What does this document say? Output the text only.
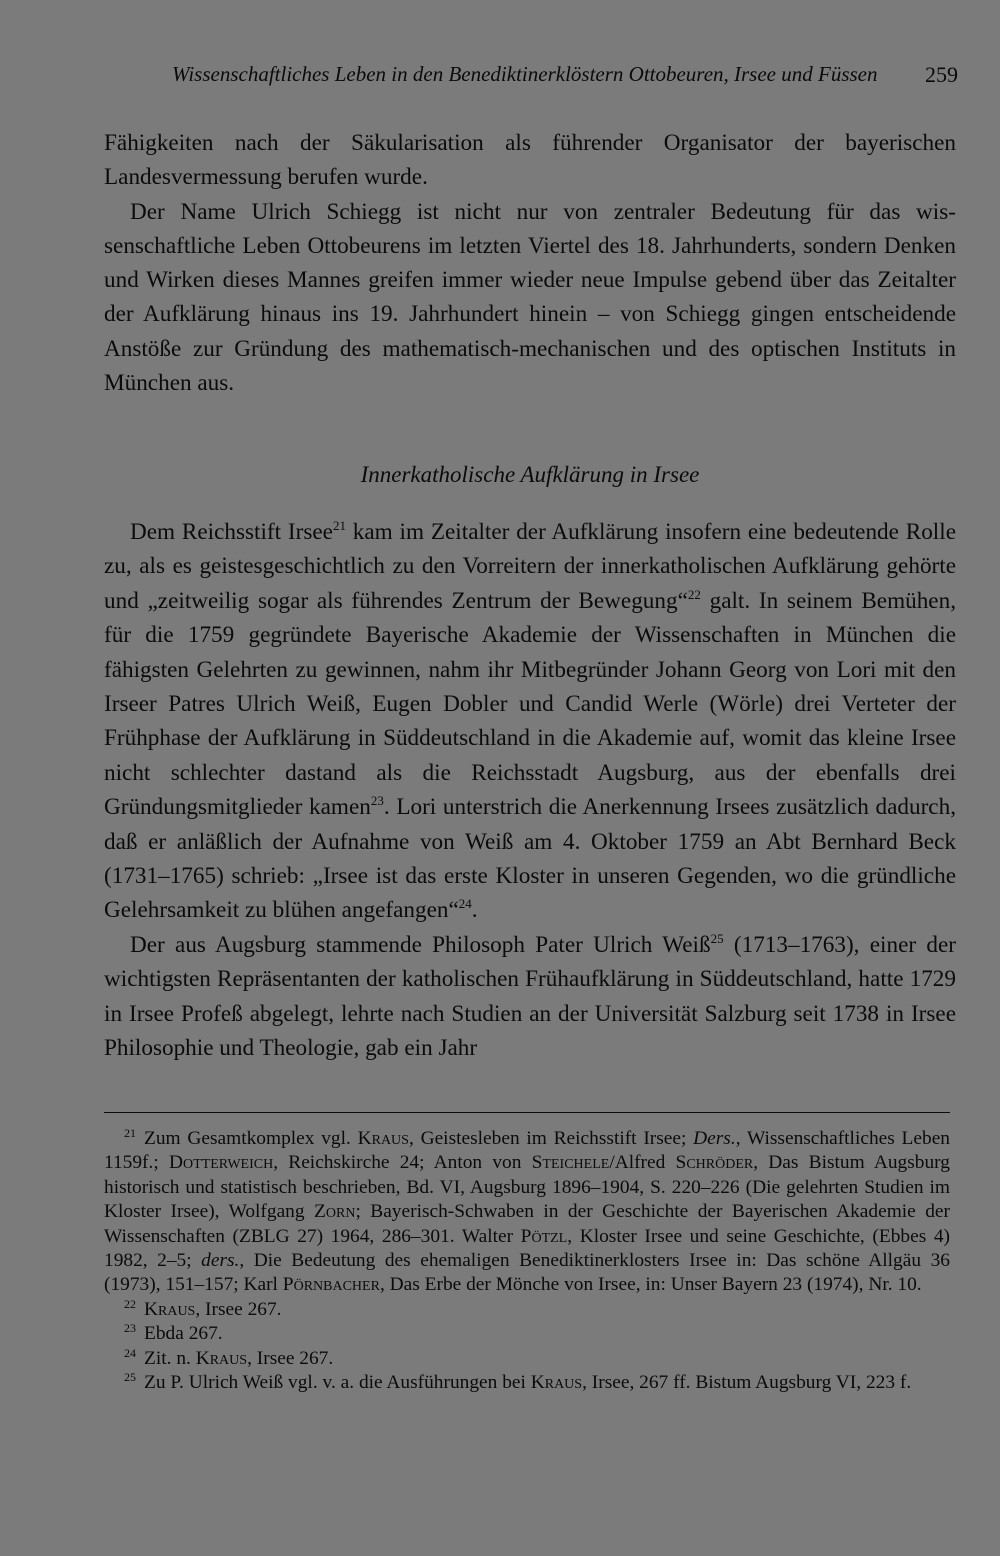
Wissenschaftliches Leben in den Benediktinerklöstern Ottobeuren, Irsee und Füssen 259

Fähigkeiten nach der Säkularisation als führender Organisator der bayerischen Landesvermessung berufen wurde.

Der Name Ulrich Schiegg ist nicht nur von zentraler Bedeutung für das wissenschaftliche Leben Ottobeurens im letzten Viertel des 18. Jahrhunderts, sondern Denken und Wirken dieses Mannes greifen immer wieder neue Impulse gebend über das Zeitalter der Aufklärung hinaus ins 19. Jahrhundert hinein – von Schiegg gingen entscheidende Anstöße zur Gründung des mathematisch-mechanischen und des optischen Instituts in München aus.

Innerkatholische Aufklärung in Irsee

Dem Reichsstift Irsee$^{21}$ kam im Zeitalter der Aufklärung insofern eine bedeutende Rolle zu, als es geistesgeschichtlich zu den Vorreitern der innerkatholischen Aufklärung gehörte und „zeitweilig sogar als führendes Zentrum der Bewegung“$^{22}$ galt. In seinem Bemühen, für die 1759 gegründete Bayerische Akademie der Wissenschaften in München die fähigsten Gelehrten zu gewinnen, nahm ihr Mitbegründer Johann Georg von Lori mit den Irseer Patres Ulrich Weiß, Eugen Dobler und Candid Werle (Wörle) drei Verteter der Frühphase der Aufklärung in Süddeutschland in die Akademie auf, womit das kleine Irsee nicht schlechter dastand als die Reichsstadt Augsburg, aus der ebenfalls drei Gründungsmitglieder kamen$^{23}$. Lori unterstrich die Anerkennung Irsees zusätzlich dadurch, daß er anläßlich der Aufnahme von Weiß am 4. Oktober 1759 an Abt Bernhard Beck (1731–1765) schrieb: „Irsee ist das erste Kloster in unseren Gegenden, wo die gründliche Gelehrsamkeit zu blühen angefangen“$^{24}$.

Der aus Augsburg stammende Philosoph Pater Ulrich Weiß$^{25}$ (1713–1763), einer der wichtigsten Repräsentanten der katholischen Frühaufklärung in Süddeutschland, hatte 1729 in Irsee Profeß abgelegt, lehrte nach Studien an der Universität Salzburg seit 1738 in Irsee Philosophie und Theologie, gab ein Jahr

$^{21}$ Zum Gesamtkomplex vgl. Kraus, Geistesleben im Reichsstift Irsee; Ders., Wissenschaftliches Leben 1159f.; Dotterweich, Reichskirche 24; Anton von Steichele/Alfred Schröder, Das Bistum Augsburg historisch und statistisch beschrieben, Bd. VI, Augsburg 1896–1904, S. 220–226 (Die gelehrten Studien im Kloster Irsee), Wolfgang Zorn; Bayerisch-Schwaben in der Geschichte der Bayerischen Akademie der Wissenschaften (ZBLG 27) 1964, 286–301. Walter Pötzl, Kloster Irsee und seine Geschichte, (Ebbes 4) 1982, 2–5; ders., Die Bedeutung des ehemaligen Benediktinerklosters Irsee in: Das schöne Allgäu 36 (1973), 151–157; Karl Pörnbacher, Das Erbe der Mönche von Irsee, in: Unser Bayern 23 (1974), Nr. 10.

$^{22}$ Kraus, Irsee 267.

$^{23}$ Ebda 267.

$^{24}$ Zit. n. Kraus, Irsee 267.

$^{25}$ Zu P. Ulrich Weiß vgl. v. a. die Ausführungen bei Kraus, Irsee, 267 ff. Bistum Augsburg VI, 223 f.
